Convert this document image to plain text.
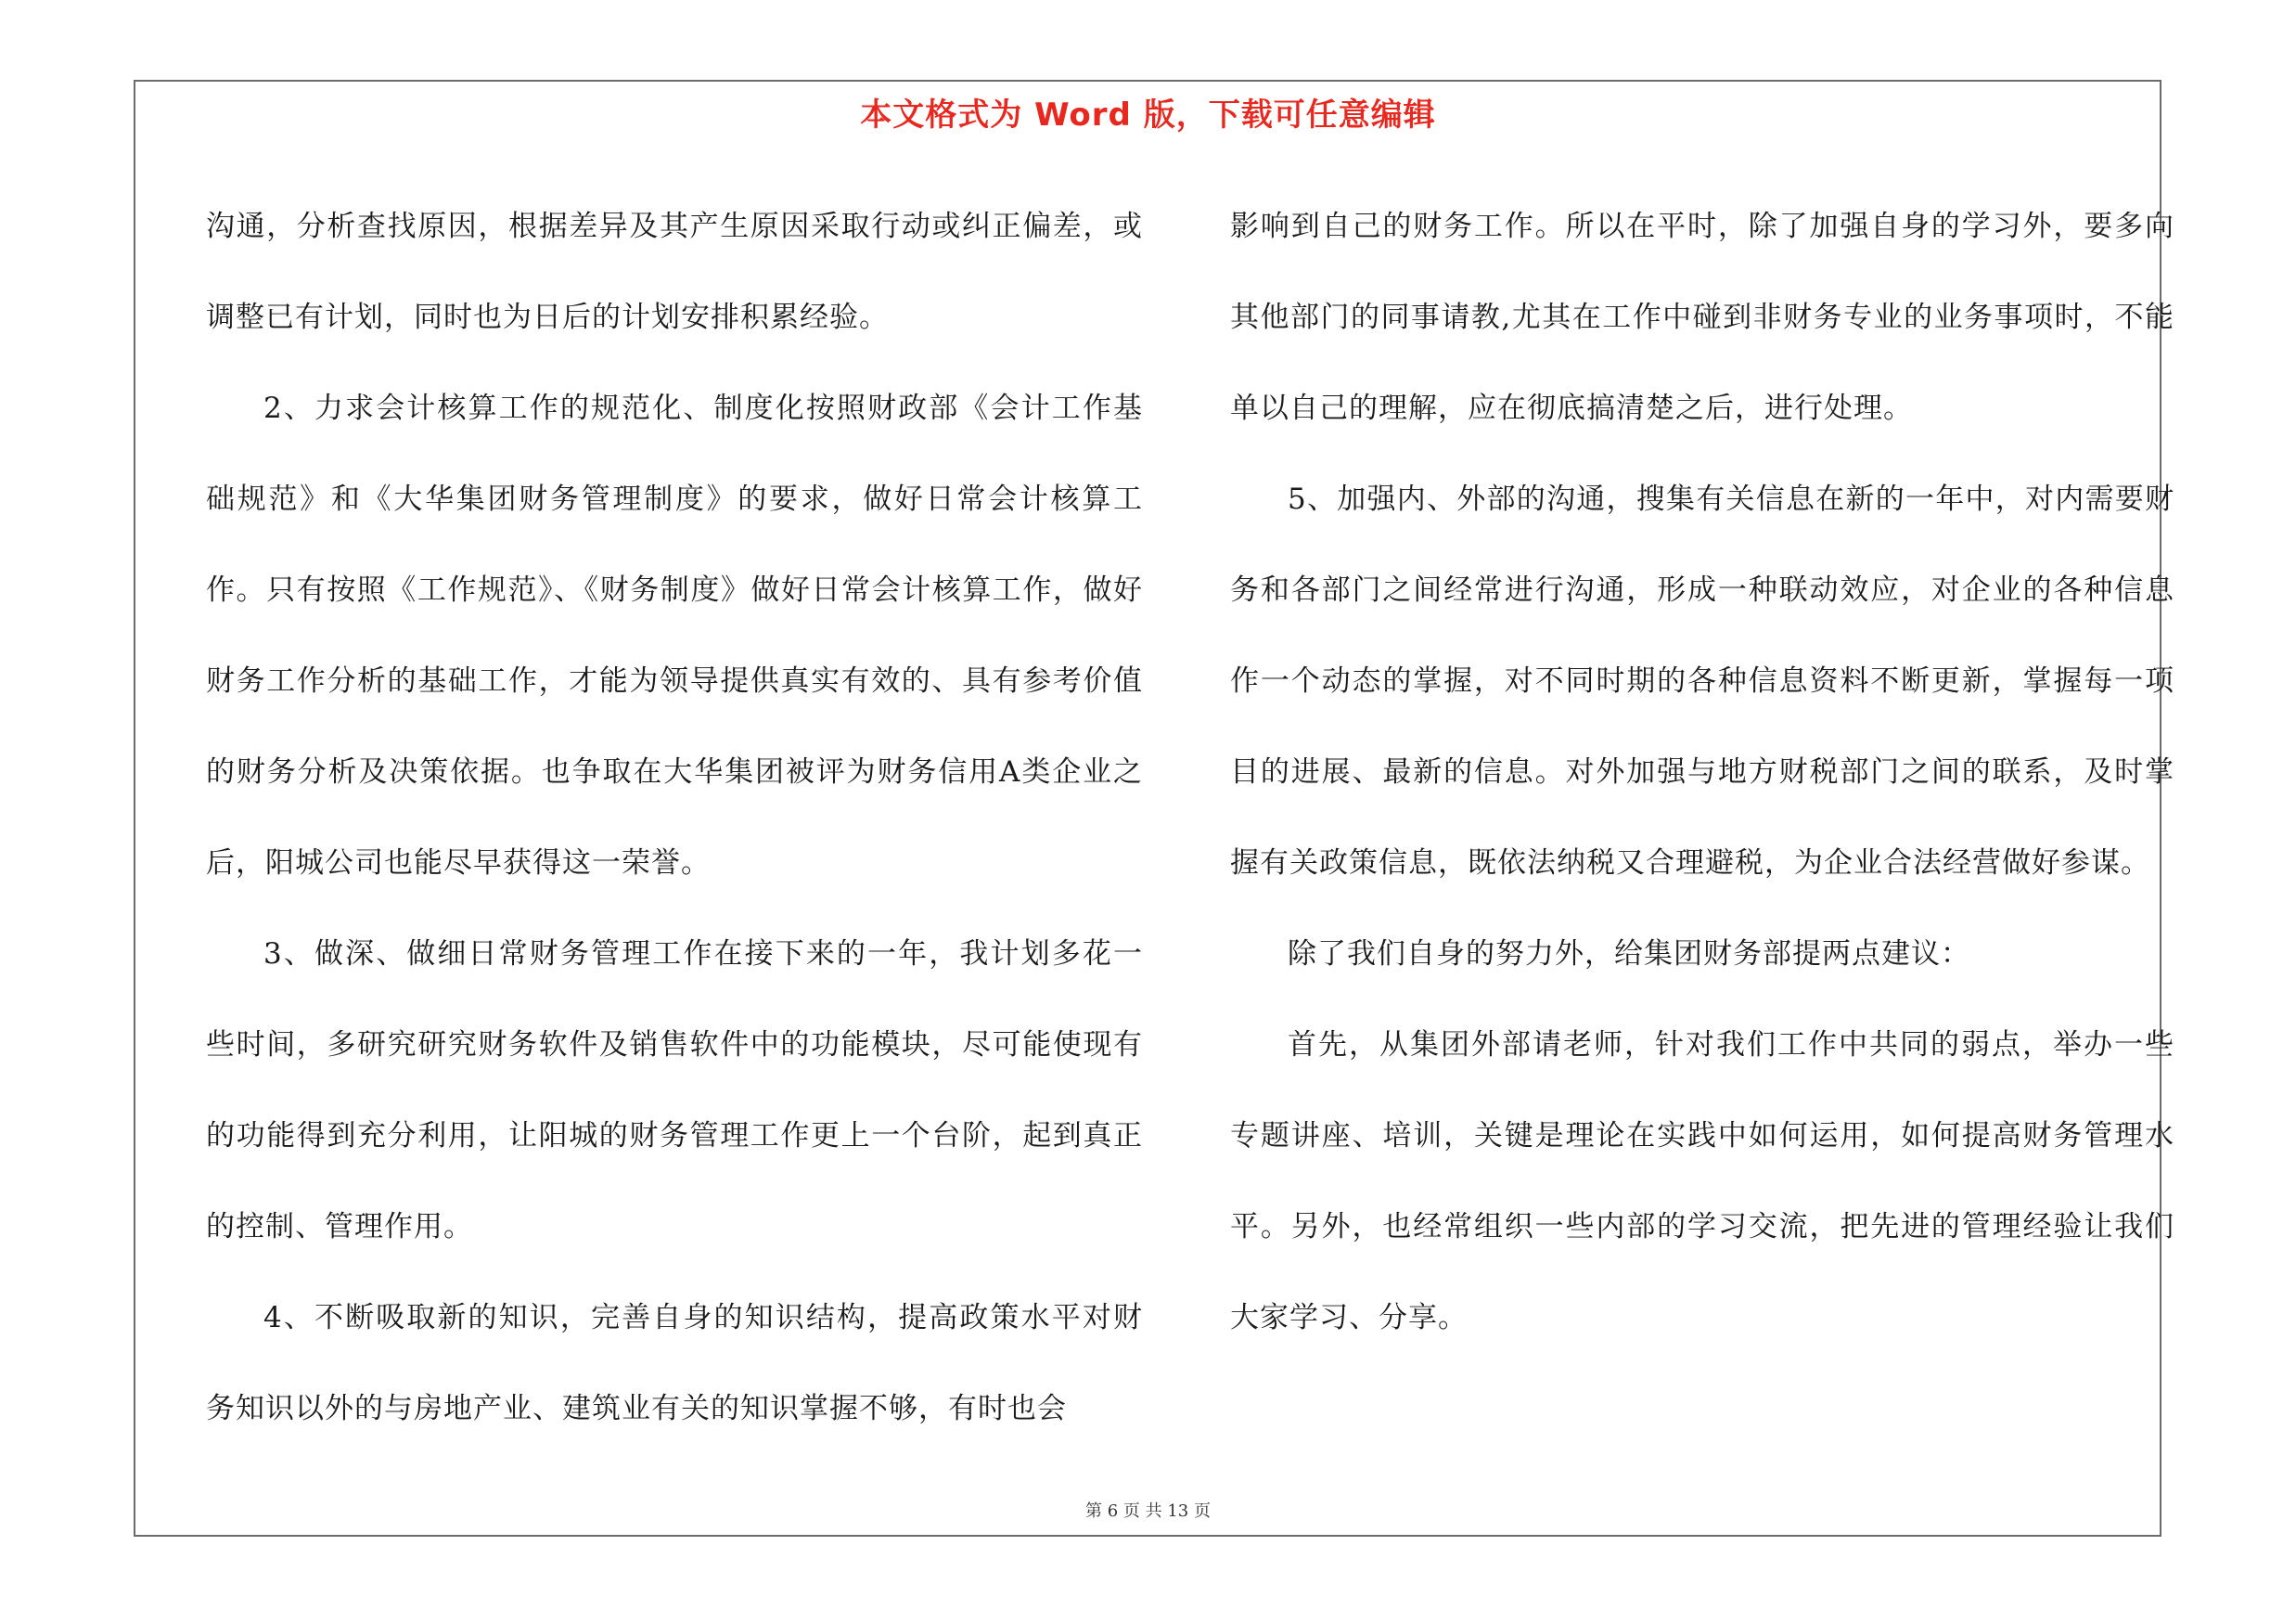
本文格式为 Word 版，下载可任意编辑

沟通，分析查找原因，根据差异及其产生原因采取行动或纠正偏差，或调整已有计划，同时也为日后的计划安排积累经验。

2、力求会计核算工作的规范化、制度化按照财政部《会计工作基础规范》和《大华集团财务管理制度》的要求，做好日常会计核算工作。只有按照《工作规范》、《财务制度》做好日常会计核算工作，做好财务工作分析的基础工作，才能为领导提供真实有效的、具有参考价值的财务分析及决策依据。也争取在大华集团被评为财务信用A类企业之后，阳城公司也能尽早获得这一荣誉。

3、做深、做细日常财务管理工作在接下来的一年，我计划多花一些时间，多研究研究财务软件及销售软件中的功能模块，尽可能使现有的功能得到充分利用，让阳城的财务管理工作更上一个台阶，起到真正的控制、管理作用。

4、不断吸取新的知识，完善自身的知识结构，提高政策水平对财务知识以外的与房地产业、建筑业有关的知识掌握不够，有时也会

影响到自己的财务工作。所以在平时，除了加强自身的学习外，要多向其他部门的同事请教,尤其在工作中碰到非财务专业的业务事项时，不能单以自己的理解，应在彻底搞清楚之后，进行处理。

5、加强内、外部的沟通，搜集有关信息在新的一年中，对内需要财务和各部门之间经常进行沟通，形成一种联动效应，对企业的各种信息作一个动态的掌握，对不同时期的各种信息资料不断更新，掌握每一项目的进展、最新的信息。对外加强与地方财税部门之间的联系，及时掌握有关政策信息，既依法纳税又合理避税，为企业合法经营做好参谋。

除了我们自身的努力外，给集团财务部提两点建议：

首先，从集团外部请老师，针对我们工作中共同的弱点，举办一些专题讲座、培训，关键是理论在实践中如何运用，如何提高财务管理水平。另外，也经常组织一些内部的学习交流，把先进的管理经验让我们大家学习、分享。

第 6 页 共 13 页
